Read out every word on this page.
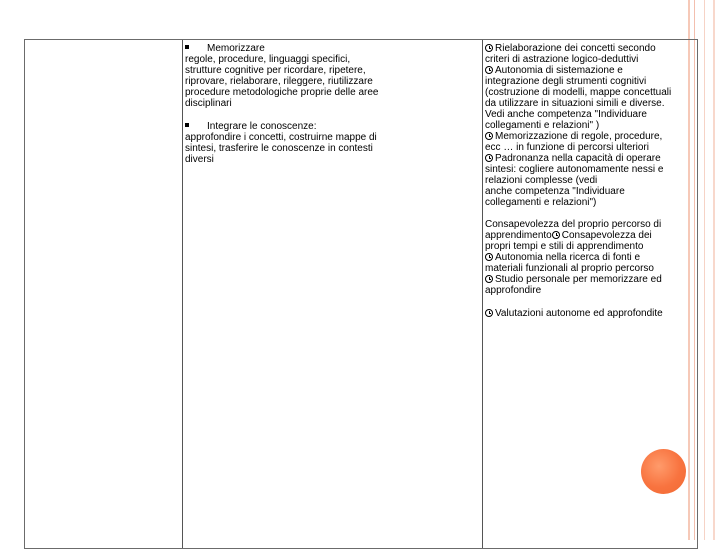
Memorizzare
regole, procedure, linguaggi specifici,
strutture cognitive per ricordare, ripetere,
riprovare, rielaborare, rileggere, riutilizzare
procedure metodologiche proprie delle aree
disciplinari
Integrare le conoscenze:
approfondire i concetti, costruirne mappe di
sintesi, trasferire le conoscenze in contesti
diversi
Rielaborazione dei concetti secondo
criteri di astrazione logico-deduttivi
Autonomia di sistemazione e
integrazione degli strumenti cognitivi
(costruzione di modelli, mappe concettuali
da utilizzare in situazioni simili e diverse.
Vedi anche competenza "Individuare
collegamenti e relazioni" )
Memorizzazione di regole, procedure,
ecc … in funzione di percorsi ulteriori
Padronanza nella capacità di operare
sintesi: cogliere autonomamente nessi e
relazioni complesse (vedi
anche competenza "Individuare
collegamenti e relazioni")
Consapevolezza del proprio percorso di
apprendimento Consapevolezza dei
propri tempi e stili di apprendimento
Autonomia nella ricerca di fonti e
materiali funzionali al proprio percorso
Studio personale per memorizzare ed
approfondire
Valutazioni autonome ed approfondite
